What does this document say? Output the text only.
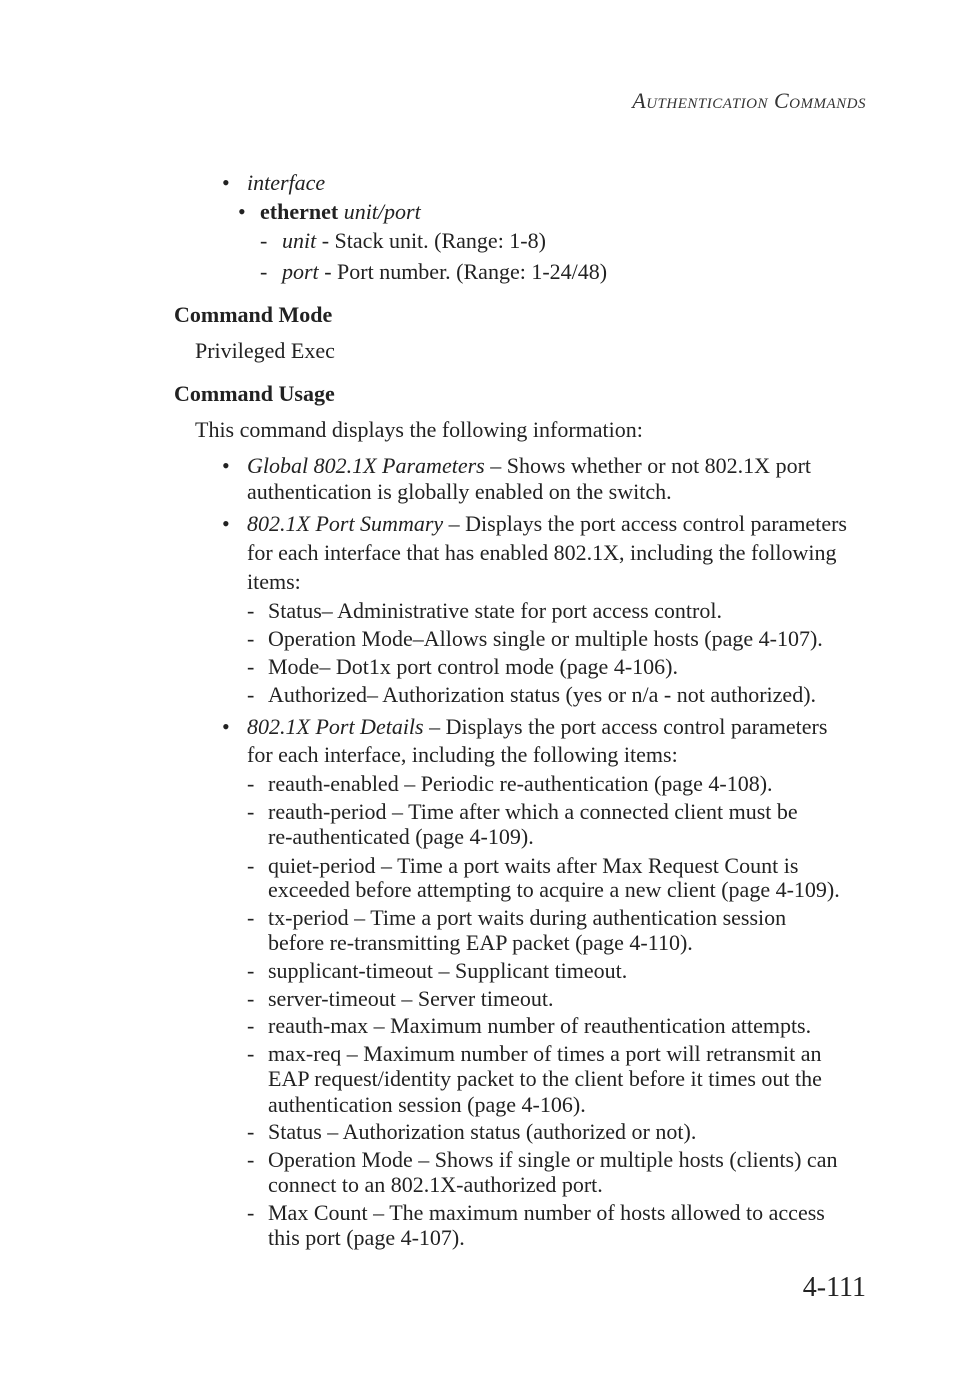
Authentication Commands
• interface
• ethernet unit/port
- unit - Stack unit. (Range: 1-8)
- port - Port number. (Range: 1-24/48)
Command Mode
Privileged Exec
Command Usage
This command displays the following information:
• Global 802.1X Parameters – Shows whether or not 802.1X port
authentication is globally enabled on the switch.
• 802.1X Port Summary – Displays the port access control parameters
for each interface that has enabled 802.1X, including the following
items:
- Status– Administrative state for port access control.
- Operation Mode–Allows single or multiple hosts (page 4-107).
- Mode– Dot1x port control mode (page 4-106).
- Authorized– Authorization status (yes or n/a - not authorized).
• 802.1X Port Details – Displays the port access control parameters
for each interface, including the following items:
- reauth-enabled – Periodic re-authentication (page 4-108).
- reauth-period – Time after which a connected client must be
re-authenticated (page 4-109).
- quiet-period – Time a port waits after Max Request Count is
exceeded before attempting to acquire a new client (page 4-109).
- tx-period – Time a port waits during authentication session
before re-transmitting EAP packet (page 4-110).
- supplicant-timeout – Supplicant timeout.
- server-timeout – Server timeout.
- reauth-max – Maximum number of reauthentication attempts.
- max-req – Maximum number of times a port will retransmit an
EAP request/identity packet to the client before it times out the
authentication session (page 4-106).
- Status – Authorization status (authorized or not).
- Operation Mode – Shows if single or multiple hosts (clients) can
connect to an 802.1X-authorized port.
- Max Count – The maximum number of hosts allowed to access
this port (page 4-107).
4-111
